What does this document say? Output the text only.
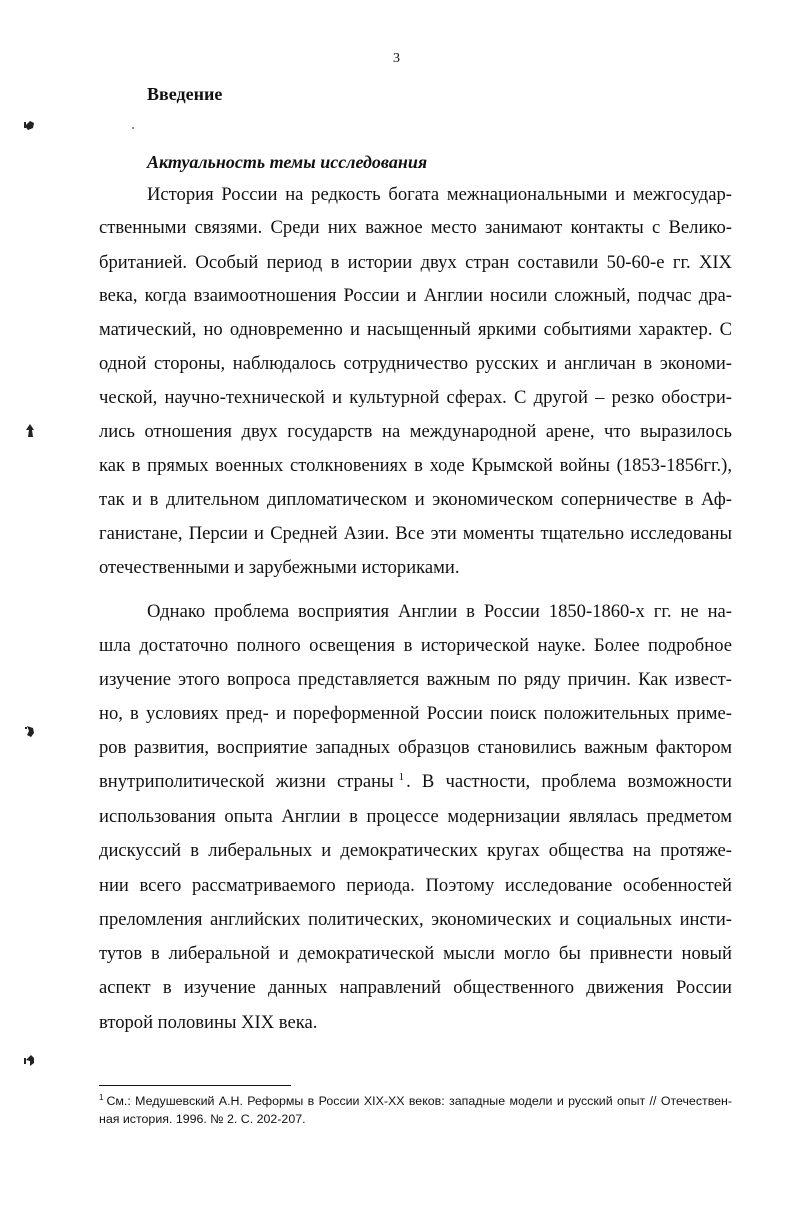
3
Введение
Актуальность темы исследования
История России на редкость богата межнациональными и межгосудар-
ственными связями. Среди них важное место занимают контакты с Велико-
британией. Особый период в истории двух стран составили 50-60-е гг. XIX
века, когда взаимоотношения России и Англии носили сложный, подчас дра-
матический, но одновременно и насыщенный яркими событиями характер. С
одной стороны, наблюдалось сотрудничество русских и англичан в экономи-
ческой, научно-технической и культурной сферах. С другой – резко обостри-
лись отношения двух государств на международной арене, что выразилось
как в прямых военных столкновениях в ходе Крымской войны (1853-1856гг.),
так и в длительном дипломатическом и экономическом соперничестве в Аф-
ганистане, Персии и Средней Азии. Все эти моменты тщательно исследованы
отечественными и зарубежными историками.
Однако проблема восприятия Англии в России 1850-1860-х гг. не на-
шла достаточно полного освещения в исторической науке. Более подробное
изучение этого вопроса представляется важным по ряду причин. Как извест-
но, в условиях пред- и пореформенной России поиск положительных приме-
ров развития, восприятие западных образцов становились важным фактором
внутриполитической жизни страны $^1$ . В частности, проблема возможности
использования опыта Англии в процессе модернизации являлась предметом
дискуссий в либеральных и демократических кругах общества на протяже-
нии всего рассматриваемого периода. Поэтому исследование особенностей
преломления английских политических, экономических и социальных инсти-
тутов в либеральной и демократической мысли могло бы привнести новый
аспект в изучение данных направлений общественного движения России
второй половины XIX века.
$^1$ См.: Медушевский А.Н. Реформы в России XIX-XX веков: западные модели и русский опыт // Отечествен-
ная история. 1996. № 2. С. 202-207.
